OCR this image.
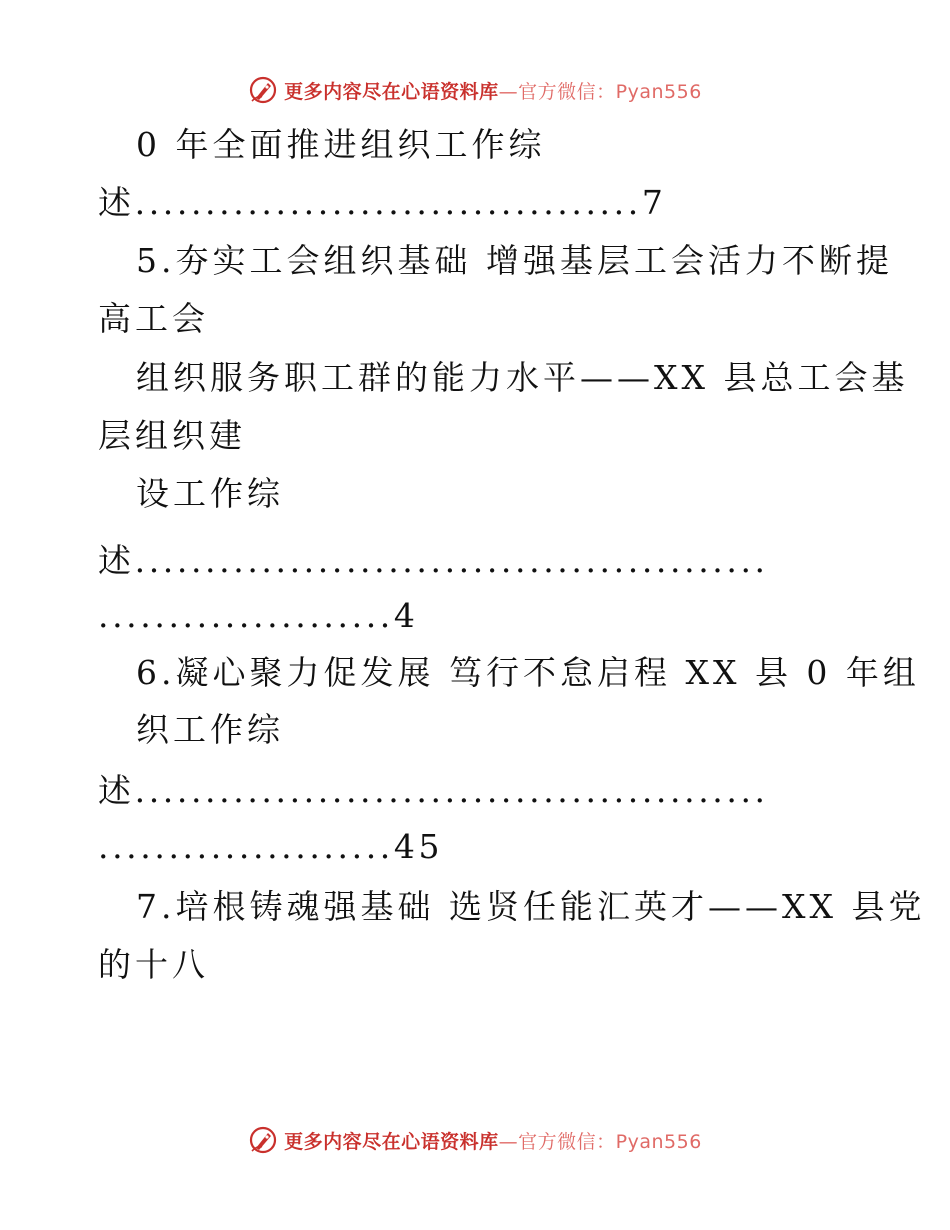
更多内容尽在心语资料库—官方微信：Pyan556
0 年全面推进组织工作综
述....................................7
5.夯实工会组织基础 增强基层工会活力不断提
高工会
组织服务职工群的能力水平——XX 县总工会基
层组织建
设工作综
述.............................................
.....................4
6.凝心聚力促发展 笃行不怠启程 XX 县 0 年组
织工作综
述.............................................
.....................45
7.培根铸魂强基础 选贤任能汇英才——XX 县党
的十八
更多内容尽在心语资料库—官方微信：Pyan556
